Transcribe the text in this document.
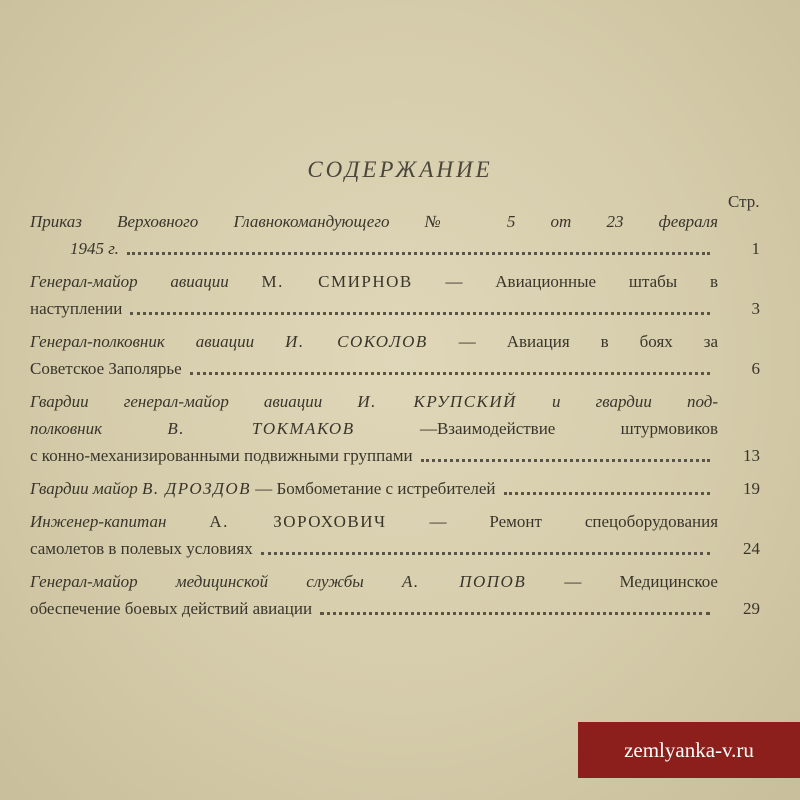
СОДЕРЖАНИЕ
Стр.
Приказ Верховного Главнокомандующего № 5 от 23 февраля
1945 г.	1
Генерал-майор авиации М. СМИРНОВ — Авиационные штабы в
наступлении	3
Генерал-полковник авиации И. СОКОЛОВ — Авиация в боях за
Советское Заполярье	6
Гвардии генерал-майор авиации И. КРУПСКИЙ и гвардии под-
полковник	В. ТОКМАКОВ	—Взаимодействие штурмовиков
с конно-механизированными подвижными группами	13
Гвардии майор В. ДРОЗДОВ — Бомбометание с истребителей	19
Инженер-капитан	А. ЗОРОХОВИЧ	— Ремонт спецоборудования
самолетов в полевых условиях	24
Генерал-майор медицинской службы А. ПОПОВ — Медицинское
обеспечение боевых действий авиации	29
zemlyanka-v.ru
